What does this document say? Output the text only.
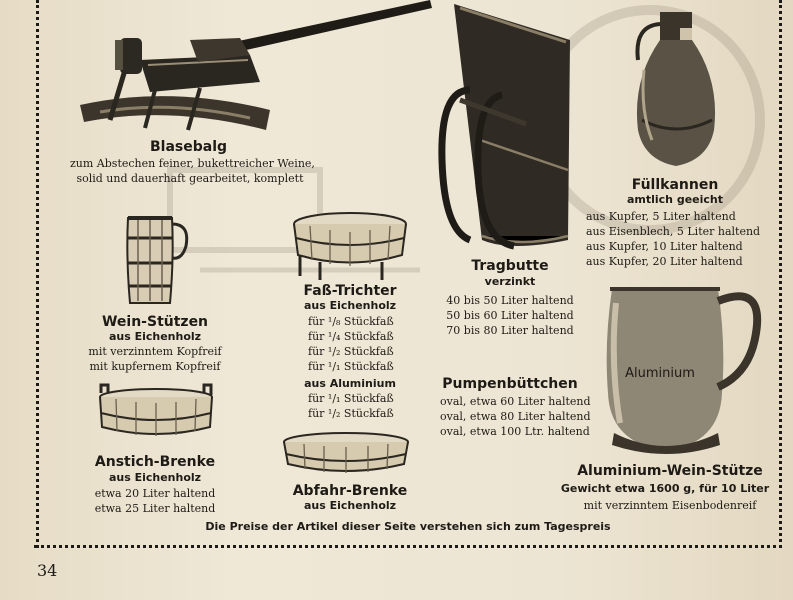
Aluminium
Blasebalg
zum Abstechen feiner, bukettreicher Weine,
solid und dauerhaft gearbeitet, komplett
Wein-Stützen
aus Eichenholz
mit verzinntem Kopfreif
mit kupfernem Kopfreif
Anstich-Brenke
aus Eichenholz
etwa 20 Liter haltend
etwa 25 Liter haltend
Faß-Trichter
aus Eichenholz
für ¹/₈ Stückfaß
für ¹/₄ Stückfaß
für ¹/₂ Stückfaß
für ¹/₁ Stückfaß
aus Aluminium
für ¹/₁ Stückfaß
für ¹/₂ Stückfaß
Abfahr-Brenke
aus Eichenholz
Tragbutte
verzinkt
40 bis 50 Liter haltend
50 bis 60 Liter haltend
70 bis 80 Liter haltend
Pumpenbüttchen
oval, etwa 60 Liter haltend
oval, etwa 80 Liter haltend
oval, etwa 100 Ltr. haltend
Füllkannen
amtlich geeicht
aus Kupfer, 5 Liter haltend
aus Eisenblech, 5 Liter haltend
aus Kupfer, 10 Liter haltend
aus Kupfer, 20 Liter haltend
Aluminium-Wein-Stütze
Gewicht etwa 1600 g, für 10 Liter
mit verzinntem Eisenbodenreif
Die Preise der Artikel dieser Seite verstehen sich zum Tagespreis
34
